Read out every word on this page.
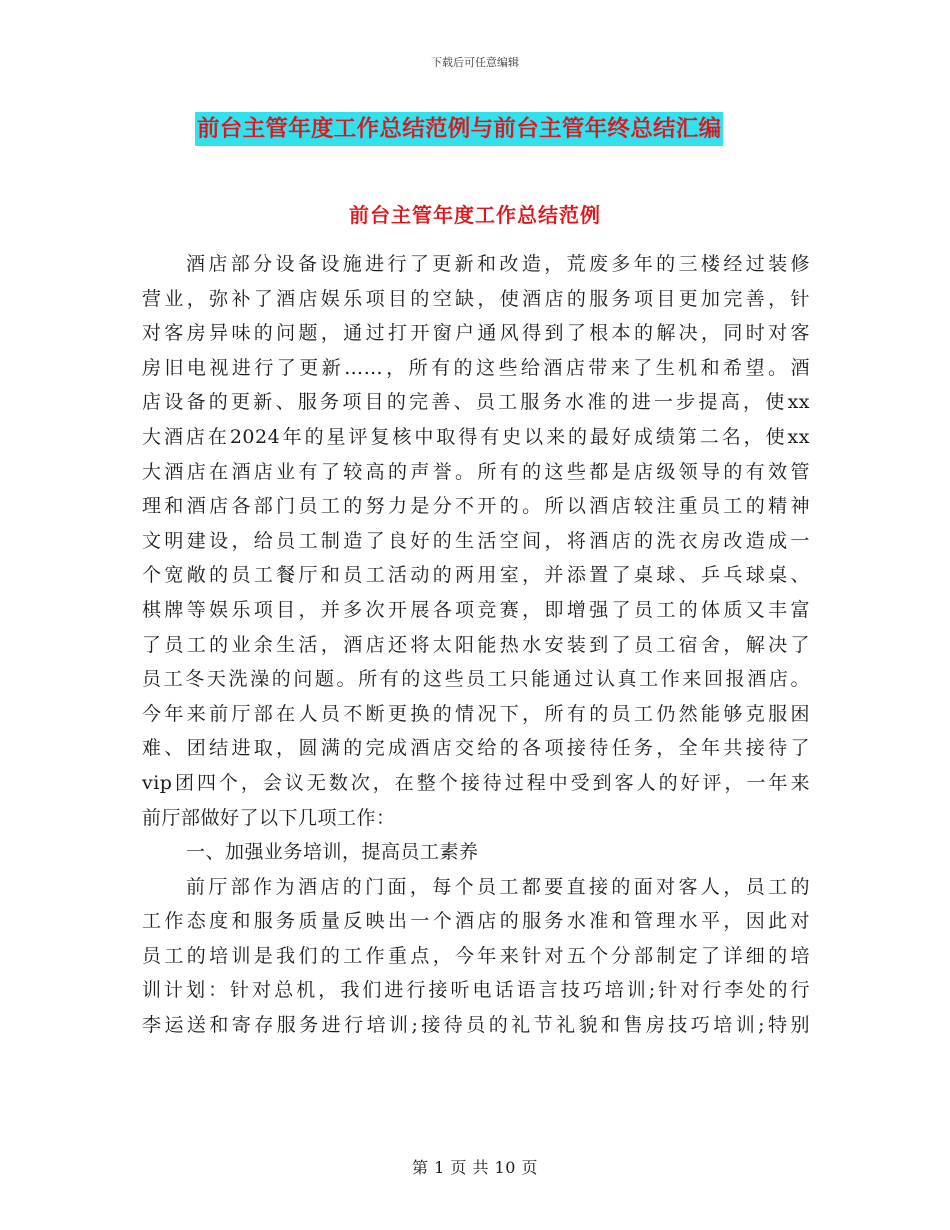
下载后可任意编辑
前台主管年度工作总结范例与前台主管年终总结汇编
前台主管年度工作总结范例
酒店部分设备设施进行了更新和改造，荒废多年的三楼经过装修
营业，弥补了酒店娱乐项目的空缺，使酒店的服务项目更加完善，针
对客房异味的问题，通过打开窗户通风得到了根本的解决，同时对客
房旧电视进行了更新……，所有的这些给酒店带来了生机和希望。酒
店设备的更新、服务项目的完善、员工服务水准的进一步提高，使xx
大酒店在2024年的星评复核中取得有史以来的最好成绩第二名，使xx
大酒店在酒店业有了较高的声誉。所有的这些都是店级领导的有效管
理和酒店各部门员工的努力是分不开的。所以酒店较注重员工的精神
文明建设，给员工制造了良好的生活空间，将酒店的洗衣房改造成一
个宽敞的员工餐厅和员工活动的两用室，并添置了桌球、乒乓球桌、
棋牌等娱乐项目，并多次开展各项竞赛，即增强了员工的体质又丰富
了员工的业余生活，酒店还将太阳能热水安装到了员工宿舍，解决了
员工冬天洗澡的问题。所有的这些员工只能通过认真工作来回报酒店。
今年来前厅部在人员不断更换的情况下，所有的员工仍然能够克服困
难、团结进取，圆满的完成酒店交给的各项接待任务，全年共接待了
vip团四个，会议无数次，在整个接待过程中受到客人的好评，一年来
前厅部做好了以下几项工作：
一、加强业务培训，提高员工素养
前厅部作为酒店的门面，每个员工都要直接的面对客人，员工的
工作态度和服务质量反映出一个酒店的服务水准和管理水平，因此对
员工的培训是我们的工作重点，今年来针对五个分部制定了详细的培
训计划：针对总机，我们进行接听电话语言技巧培训;针对行李处的行
李运送和寄存服务进行培训;接待员的礼节礼貌和售房技巧培训;特别
第 1 页 共 10 页
